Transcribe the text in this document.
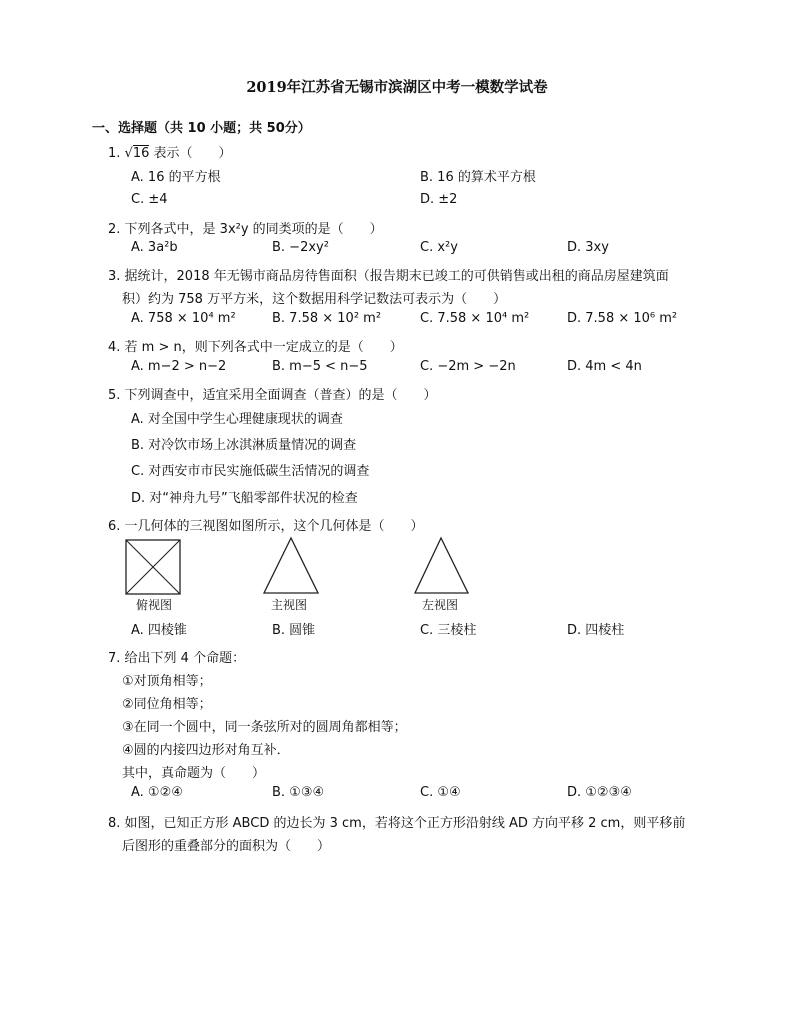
2019年江苏省无锡市滨湖区中考一模数学试卷
一、选择题（共 10 小题；共 50分）
1. √16 表示（　　）
A. 16 的平方根	B. 16 的算术平方根
C. ±4	D. ±2
2. 下列各式中，是 3x²y 的同类项的是（　　）
A. 3a²b	B. −2xy²	C. x²y	D. 3xy
3. 据统计，2018 年无锡市商品房待售面积（报告期末已竣工的可供销售或出租的商品房屋建筑面
积）约为 758 万平方米，这个数据用科学记数法可表示为（　　）
A. 758 × 10⁴ m²	B. 7.58 × 10² m²	C. 7.58 × 10⁴ m²	D. 7.58 × 10⁶ m²
4. 若 m > n，则下列各式中一定成立的是（　　）
A. m−2 > n−2	B. m−5 < n−5	C. −2m > −2n	D. 4m < 4n
5. 下列调查中，适宜采用全面调查（普查）的是（　　）
A. 对全国中学生心理健康现状的调查
B. 对冷饮市场上冰淇淋质量情况的调查
C. 对西安市市民实施低碳生活情况的调查
D. 对“神舟九号”飞船零部件状况的检查
6. 一几何体的三视图如图所示，这个几何体是（　　）
俯视图	主视图	左视图
A. 四棱锥	B. 圆锥	C. 三棱柱	D. 四棱柱
7. 给出下列 4 个命题：
①对顶角相等；
②同位角相等；
③在同一个圆中，同一条弦所对的圆周角都相等；
④圆的内接四边形对角互补．
其中，真命题为（　　）
A. ①②④	B. ①③④	C. ①④	D. ①②③④
8. 如图，已知正方形 ABCD 的边长为 3 cm，若将这个正方形沿射线 AD 方向平移 2 cm，则平移前
后图形的重叠部分的面积为（　　）
